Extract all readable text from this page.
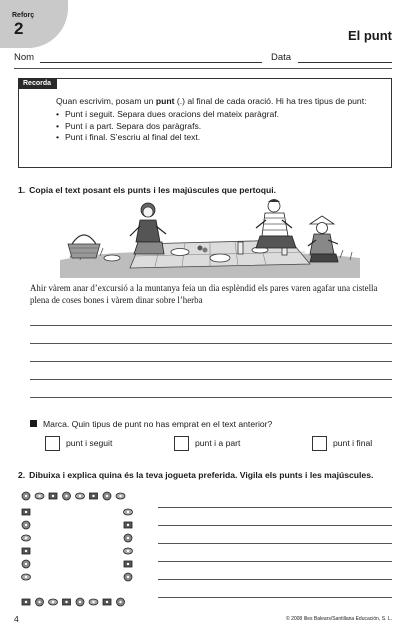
Reforç
2	El punt
Nom	Data
Recorda
Quan escrivim, posam un punt (.) al final de cada oració. Hi ha tres tipus de punt:
• Punt i seguit. Separa dues oracions del mateix paràgraf.
• Punt i a part. Separa dos paràgrafs.
• Punt i final. S’escriu al final del text.
1. Copia el text posant els punts i les majúscules que pertoqui.
Ahir vàrem anar d’excursió a la muntanya feia un dia esplèndid els pares varen agafar una cistella plena de coses bones i vàrem dinar sobre l’herba
Marca. Quin tipus de punt no has emprat en el text anterior?
punt i seguit	punt i a part	punt i final
2. Dibuixa i explica quina és la teva jogueta preferida. Vigila els punts i les majúscules.
4	© 2008 Illes Balears/Santillana Educación, S. L.
